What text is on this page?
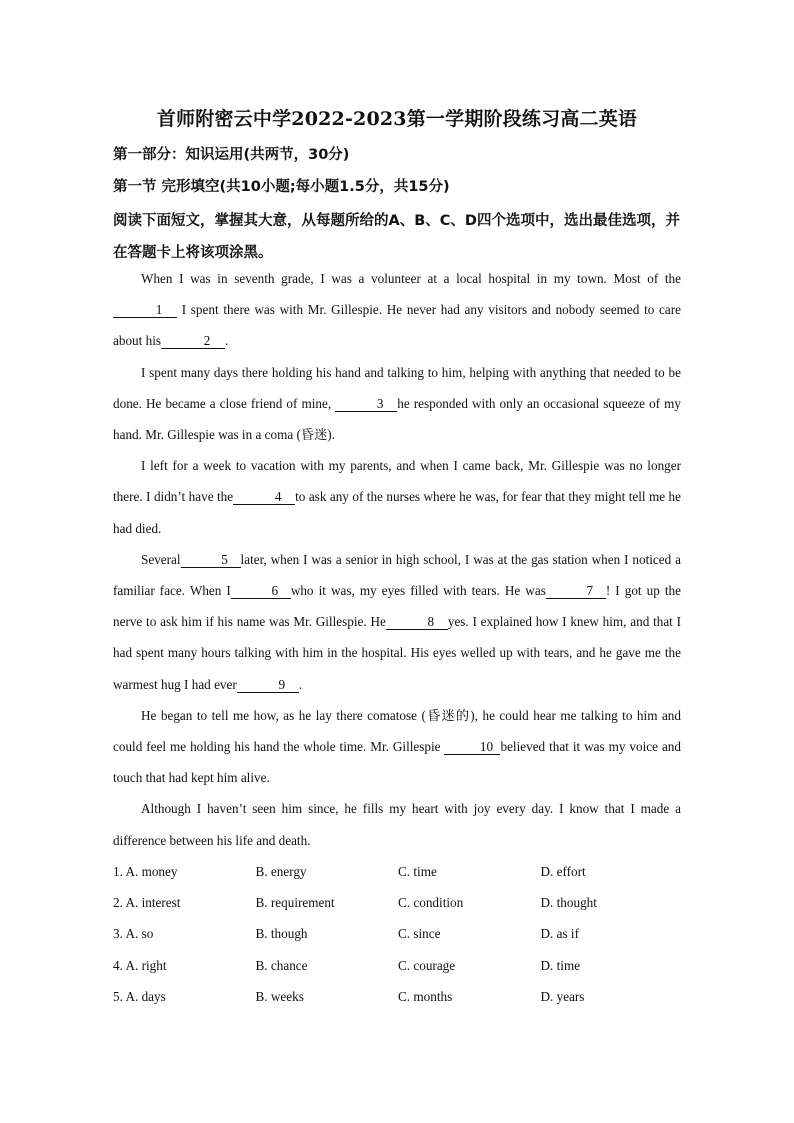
首师附密云中学2022-2023第一学期阶段练习高二英语
第一部分：知识运用(共两节，30分)
第一节 完形填空(共10小题;每小题1.5分，共15分)
阅读下面短文，掌握其大意，从每题所给的A、B、C、D四个选项中，选出最佳选项，并在答题卡上将该项涂黑。

When I was in seventh grade, I was a volunteer at a local hospital in my town. Most of the 1 I spent there was with Mr. Gillespie. He never had any visitors and nobody seemed to care about his	2 .

I spent many days there holding his hand and talking to him, helping with anything that needed to be done. He became a close friend of mine,	3 he responded with only an occasional squeeze of my hand. Mr. Gillespie was in a coma (昏迷).

I left for a week to vacation with my parents, and when I came back, Mr. Gillespie was no longer there. I didn’t have the	4 to ask any of the nurses where he was, for fear that they might tell me he had died.

Several	5 later, when I was a senior in high school, I was at the gas station when I noticed a familiar face. When I	6 who it was, my eyes filled with tears. He was	7 ! I got up the nerve to ask him if his name was Mr. Gillespie. He	8 yes. I explained how I knew him, and that I had spent many hours talking with him in the hospital. His eyes welled up with tears, and he gave me the warmest hug I had ever	9 .

He began to tell me how, as he lay there comatose (昏迷的), he could hear me talking to him and could feel me holding his hand the whole time. Mr. Gillespie	10 believed that it was my voice and touch that had kept him alive.

Although I haven’t seen him since, he fills my heart with joy every day. I know that I made a difference between his life and death.

1. A. money	B. energy	C. time	D. effort
2. A. interest	B. requirement	C. condition	D. thought
3. A. so	B. though	C. since	D. as if
4. A. right	B. chance	C. courage	D. time
5. A. days	B. weeks	C. months	D. years
